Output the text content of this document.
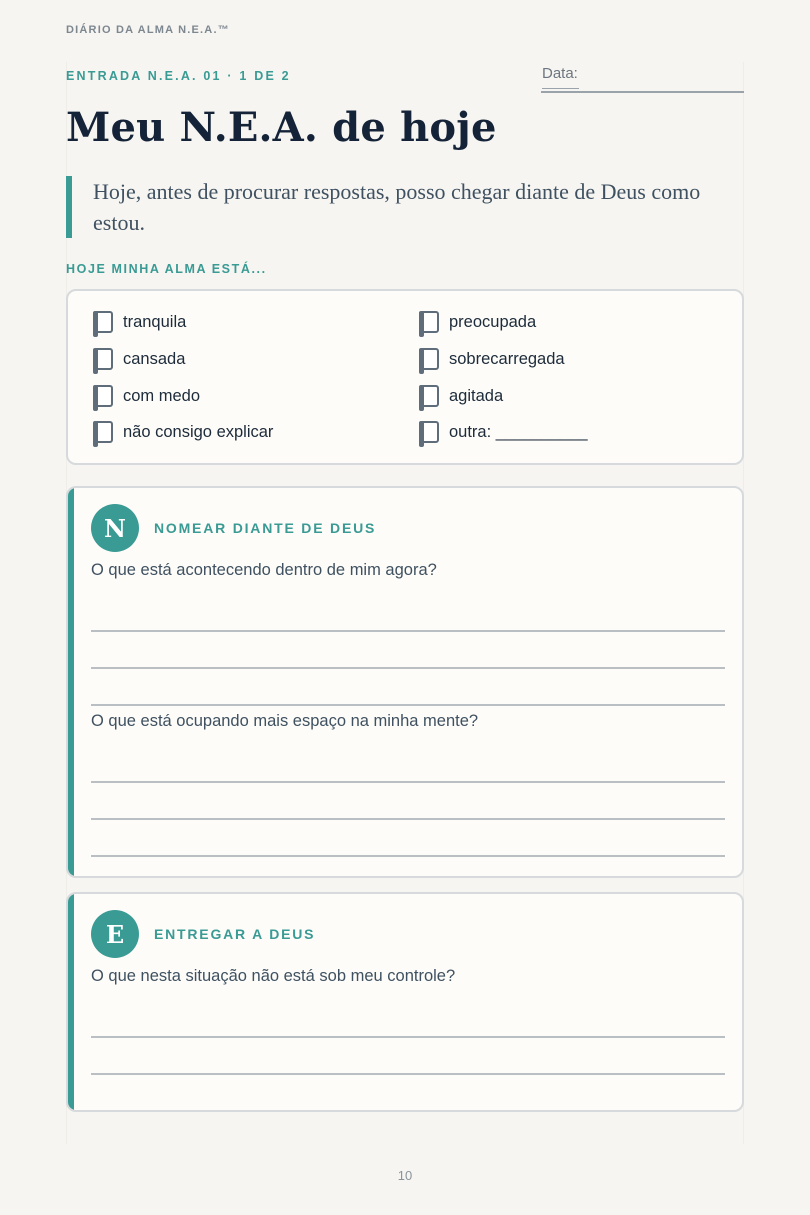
DIÁRIO DA ALMA N.E.A.™
ENTRADA N.E.A. 01 · 1 DE 2	Data:
Meu N.E.A. de hoje

Hoje, antes de procurar respostas, posso chegar diante de Deus como estou.

HOJE MINHA ALMA ESTÁ...
tranquila	preocupada
cansada	sobrecarregada
com medo	agitada
não consigo explicar	outra: __________
N	NOMEAR DIANTE DE DEUS
O que está acontecendo dentro de mim agora?
O que está ocupando mais espaço na minha mente?
E	ENTREGAR A DEUS
O que nesta situação não está sob meu controle?
10
